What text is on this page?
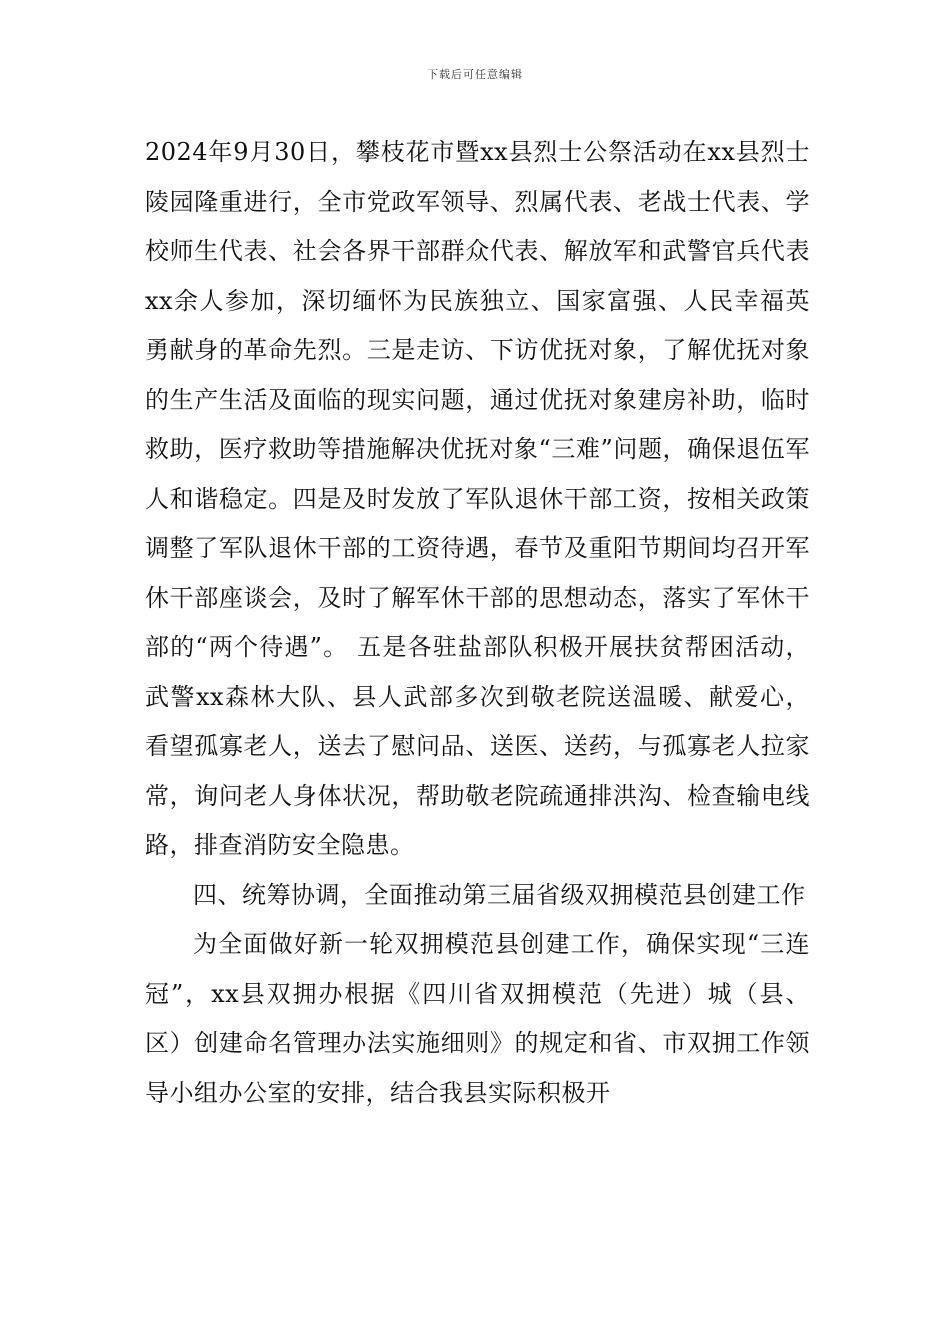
下载后可任意编辑

2024年9月30日，攀枝花市暨xx县烈士公祭活动在xx县烈士陵园隆重进行，全市党政军领导、烈属代表、老战士代表、学校师生代表、社会各界干部群众代表、解放军和武警官兵代表xx余人参加，深切缅怀为民族独立、国家富强、人民幸福英勇献身的革命先烈。三是走访、下访优抚对象，了解优抚对象的生产生活及面临的现实问题，通过优抚对象建房补助，临时救助，医疗救助等措施解决优抚对象“三难”问题，确保退伍军人和谐稳定。四是及时发放了军队退休干部工资，按相关政策调整了军队退休干部的工资待遇，春节及重阳节期间均召开军休干部座谈会，及时了解军休干部的思想动态，落实了军休干部的“两个待遇”。 五是各驻盐部队积极开展扶贫帮困活动，武警xx森林大队、县人武部多次到敬老院送温暖、献爱心，看望孤寡老人，送去了慰问品、送医、送药，与孤寡老人拉家常，询问老人身体状况，帮助敬老院疏通排洪沟、检查输电线路，排查消防安全隐患。

四、统筹协调，全面推动第三届省级双拥模范县创建工作

为全面做好新一轮双拥模范县创建工作，确保实现“三连冠”，xx县双拥办根据《四川省双拥模范（先进）城（县、区）创建命名管理办法实施细则》的规定和省、市双拥工作领导小组办公室的安排，结合我县实际积极开
